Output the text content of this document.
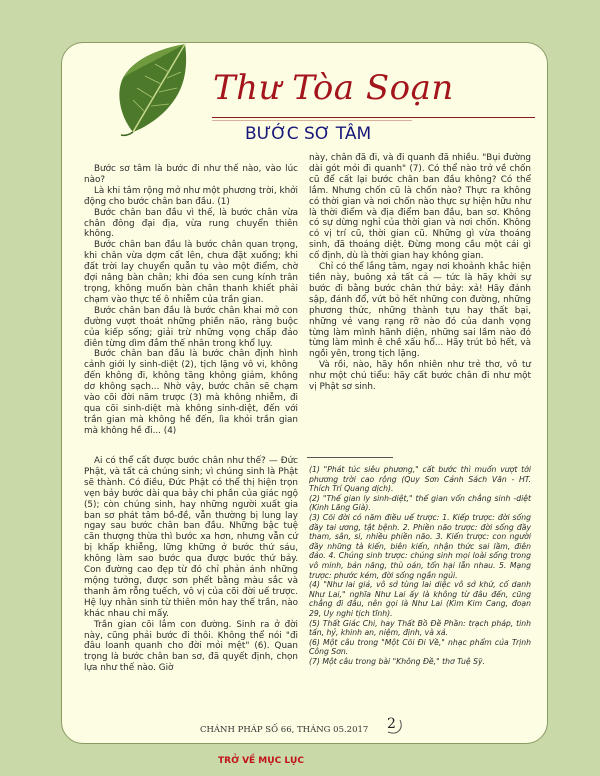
Thư Tòa Soạn
BƯỚC SƠ TÂM

Bước sơ tâm là bước đi như thế nào, vào lúc nào?

Là khi tâm rộng mở như một phương trời, khởi động cho bước chân ban đầu. (1)

Bước chân ban đầu vì thế, là bước chân vừa chân đông đại địa, vừa rung chuyển thiên không.

Bước chân ban đầu là bước chân quan trọng, khi chân vừa dợm cất lên, chưa đặt xuống; khi đất trời lay chuyển quẫn tụ vào một điểm, chờ đợi nâng bàn chân; khi đóa sen cung kính trân trọng, không muốn bàn chân thanh khiết phải chạm vào thực tế ô nhiễm của trần gian.

Bước chân ban đầu là bước chân khai mở con đường vượt thoát những phiền não, ràng buộc của kiếp sống; giải trừ những vọng chấp đảo điên từng dìm đắm thế nhân trong khổ lụy.

Bước chân ban đầu là bước chân định hình cảnh giới ly sinh-diệt (2), tịch lặng vô vi, không đến không đi, không tăng không giảm, không dơ không sạch... Nhờ vậy, bước chân sẽ chạm vào cõi đời năm trược (3) mà không nhiễm, đi qua cõi sinh-diệt mà không sinh-diệt, đến với trần gian mà không hề đến, lìa khỏi trần gian mà không hề đi... (4)

Ai có thể cất được bước chân như thế? — Đức Phật, và tất cả chúng sinh; vì chúng sinh là Phật sẽ thành. Có điều, Đức Phật có thể thị hiện trọn vẹn bảy bước dài qua bảy chi phần của giác ngộ (5); còn chúng sinh, hay những người xuất gia ban sơ phát tâm bồ-đề, vẫn thường bị lung lay ngay sau bước chân ban đầu. Những bậc tuệ căn thượng thừa thì bước xa hơn, nhưng vẫn cứ bị khấp khiễng, lững khững ở bước thứ sáu, không làm sao bước qua được bước thứ bảy. Con đường cao đẹp từ đó chỉ phản ánh những mộng tưởng, được sơn phết bằng màu sắc và thanh âm rỗng tuếch, vô vị của cõi đời uế trược. Hệ lụy nhân sinh từ thiên môn hay thế trần, nào khác nhau chi mấy.

Trần gian cõi lắm con đường. Sinh ra ở đời này, cũng phải bước đi thôi. Không thể nói "đi đâu loanh quanh cho đời mỏi mệt" (6). Quan trọng là bước chân ban sơ, đã quyết định, chọn lựa như thế nào. Giờ

này, chân đã đi, và đi quanh đã nhiều. "Bụi đường dài gót mỏi đi quanh" (7). Có thể nào trở về chốn cũ để cất lại bước chân ban đầu không? Có thể lắm. Nhưng chốn cũ là chốn nào? Thực ra không có thời gian và nơi chốn nào thực sự hiện hữu như là thời điểm và địa điểm ban đầu, ban sơ. Không có sự dừng nghỉ của thời gian và nơi chốn. Không có vị trí cũ, thời gian cũ. Những gì vừa thoáng sinh, đã thoáng diệt. Đừng mong cầu một cái gì cố định, dù là thời gian hay không gian.

Chỉ có thể lắng tâm, ngay nơi khoảnh khắc hiện tiền này, buông xả tất cả — tức là hãy khởi sự bước đi bằng bước chân thứ bảy: xả! Hãy đánh sập, đánh đổ, vứt bỏ hết những con đường, những phương thức, những thành tựu hay thất bại, những vẻ vang rạng rỡ nào đó của danh vọng từng làm mình hãnh diện, những sai lầm nào đó từng làm mình ê chề xấu hổ... Hãy trút bỏ hết, và ngồi yên, trong tịch lặng.

Và rồi, nào, hãy hồn nhiên như trẻ thơ, vô tư như một chú tiểu: hãy cất bước chân đi như một vị Phật sơ sinh.

(1) "Phát túc siêu phương," cất bước thì muốn vượt tới phương trời cao rộng (Quy Sơn Cảnh Sách Văn - HT. Thích Trí Quang dịch).

(2) "Thế gian ly sinh-diệt," thế gian vốn chẳng sinh -diệt (Kinh Lăng Già).

(3) Cõi đời có năm điều uế trược: 1. Kiếp trược: đời sống đầy tai ương, tật bệnh. 2. Phiền não trược: đời sống đầy tham, sân, si, nhiều phiền não. 3. Kiến trược: con người đầy những tà kiến, biên kiến, nhận thức sai lầm, điên đảo. 4. Chúng sinh trược: chúng sinh mọi loài sống trong vô minh, bản năng, thù oán, tổn hại lẫn nhau. 5. Mạng trược: phước kém, đời sống ngắn ngủi.

(4) "Như lai giả, vô sở tùng lai diệc vô sở khứ, cố danh Như Lai," nghĩa Như Lai ấy là không từ đâu đến, cũng chẳng đi đâu, nên gọi là Như Lai (Kim Kim Cang, đoạn 29, Uy nghi tịch tĩnh).

(5) Thất Giác Chi, hay Thất Bồ Đề Phần: trạch pháp, tinh tấn, hỷ, khinh an, niệm, định, và xả.

(6) Một câu trong "Một Cõi Đi Về," nhạc phẩm của Trịnh Công Sơn.

(7) Một câu trong bài "Không Đề," thơ Tuệ Sỹ.

CHÁNH PHÁP SỐ 66, THÁNG 05.2017 2
TRỞ VỀ MỤC LỤC
